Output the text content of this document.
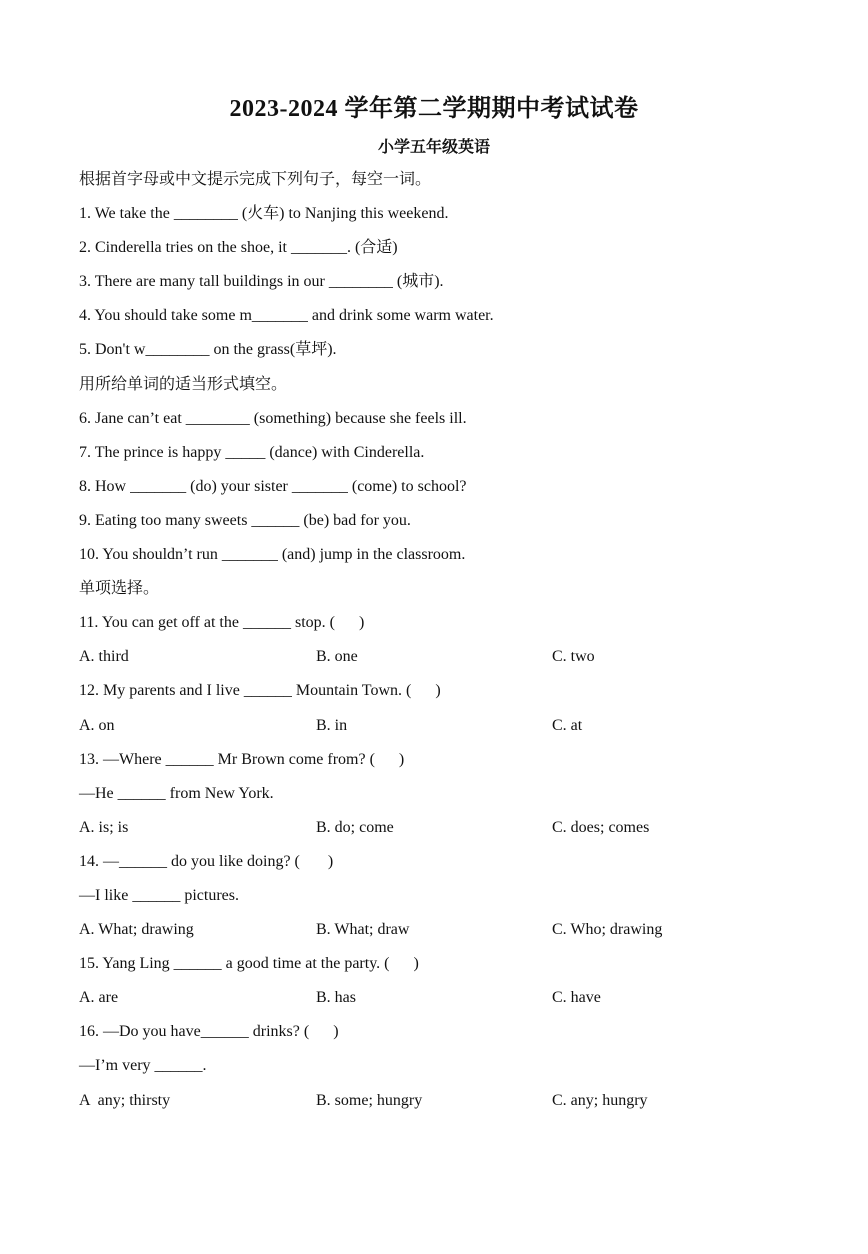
2023-2024 学年第二学期期中考试试卷
小学五年级英语
根据首字母或中文提示完成下列句子，每空一词。
1. We take the ________ (火车) to Nanjing this weekend.
2. Cinderella tries on the shoe, it _______. (合适)
3. There are many tall buildings in our ________ (城市).
4. You should take some m_______ and drink some warm water.
5. Don't w________ on the grass(草坪).
用所给单词的适当形式填空。
6. Jane can’t eat ________ (something) because she feels ill.
7. The prince is happy _____ (dance) with Cinderella.
8. How _______ (do) your sister _______ (come) to school?
9. Eating too many sweets ______ (be) bad for you.
10. You shouldn’t run _______ (and) jump in the classroom.
单项选择。
11. You can get off at the ______ stop. (      )

A. third

	B. one

	C. two

12. My parents and I live ______ Mountain Town. (      )

A. on

	B. in

	C. at

13. —Where ______ Mr Brown come from? (      )
—He ______ from New York.

A. is; is

	B. do; come

	C. does; comes

14. —______ do you like doing? (       )
—I like ______ pictures.

A. What; drawing

	B. What; draw

	C. Who; drawing

15. Yang Ling ______ a good time at the party. (      )

A. are

	B. has

	C. have

16. —Do you have______ drinks? (      )
—I’m very ______.

A  any; thirsty

	B. some; hungry

	C. any; hungry
